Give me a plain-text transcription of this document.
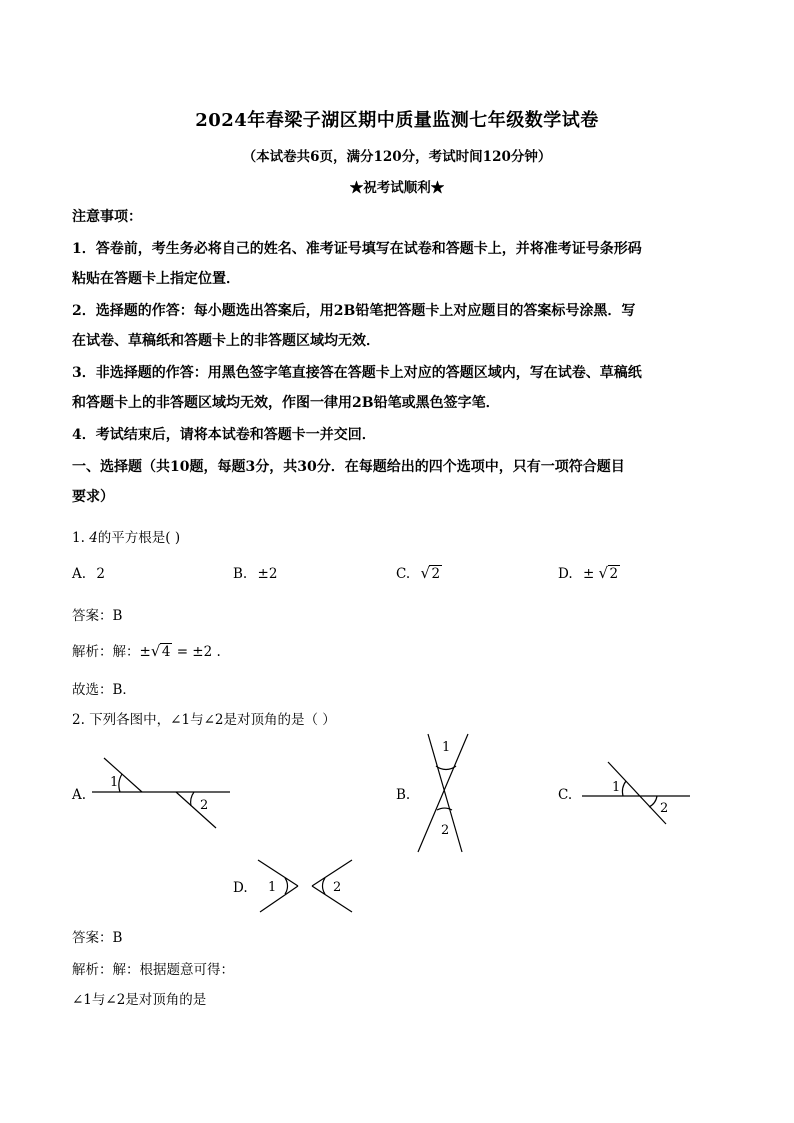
2024年春梁子湖区期中质量监测七年级数学试卷
（本试卷共6页，满分120分，考试时间120分钟）
★祝考试顺利★
注意事项：
1．答卷前，考生务必将自己的姓名、准考证号填写在试卷和答题卡上，并将准考证号条形码
粘贴在答题卡上指定位置．
2．选择题的作答：每小题选出答案后，用2B铅笔把答题卡上对应题目的答案标号涂黑．写
在试卷、草稿纸和答题卡上的非答题区域均无效．
3．非选择题的作答：用黑色签字笔直接答在答题卡上对应的答题区域内，写在试卷、草稿纸
和答题卡上的非答题区域均无效，作图一律用2B铅笔或黑色签字笔．
4．考试结束后，请将本试卷和答题卡一并交回．
一、选择题（共10题，每题3分，共30分．在每题给出的四个选项中，只有一项符合题目
要求）
1. 4的平方根是( )
A. 2	B. ±2	C. √ 2	D. ± √ 2
答案：B
解析：解：± √ 4 = ±2 .
故选：B．
2. 下列各图中，∠1与∠2是对顶角的是（ ）
A.
1
2
B.
1
2
C.	1
2
D. 1	2
答案：B
解析：解：根据题意可得：
∠1与∠2是对顶角的是
